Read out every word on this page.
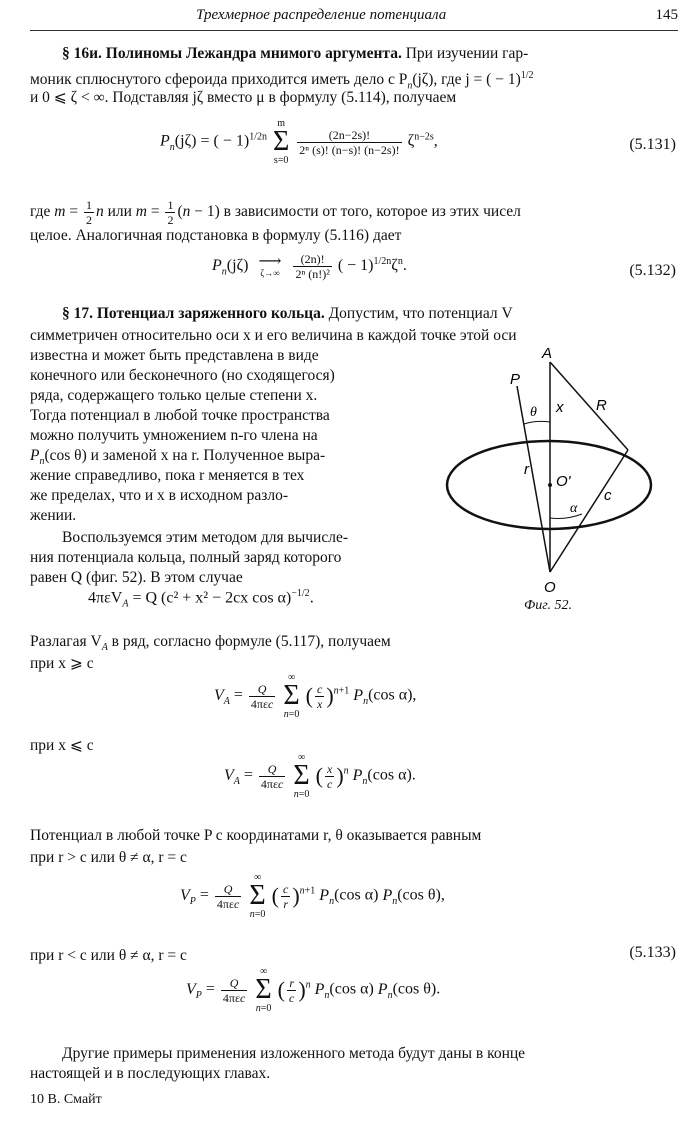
Трехмерное распределение потенциала	145
§ 16и. Полиномы Лежандра мнимого аргумента. При изучении гар-
моник сплюснутого сфероида приходится иметь дело с $P_n(j\zeta)$, где j = ( − 1)$^{1/2}$
и 0 ⩽ ζ < ∞. Подставляя jζ вместо μ в формулу (5.114), получаем
$P_n(j\zeta)$ = ( − 1)$^{1/2n}$
m
Σ
s=0

$\frac{(2n-2s)!}{\text{2ⁿ (s)! (n−s)! (n−2s)!}} \zeta^{n-2s}$,	(5.131)
где $m = \frac{1}{2}$ n или $m = \frac{1}{2} (n - 1)$ в зависимости от того, которое из этих чисел
целое. Аналогичная подстановка в формулу (5.116) дает
$P_n(j\zeta)$ ⟶
ζ→∞
$\frac{(2n)!}{\text{2ⁿ (n!)²}}$ ( − $1)^{1/2n}\zeta^n$.	(5.132)
§ 17. Потенциал заряженного кольца. Допустим, что потенциал V
симметричен относительно оси x и его величина в каждой точке этой оси
известна и может быть представлена в виде
конечного или бесконечного (но сходящегося)
ряда, содержащего только целые степени x.
Тогда потенциал в любой точке пространства
можно получить умножением n-го члена на
$P_n(\cos$ θ) и заменой x на r. Полученное выра-
жение справедливо, пока r меняется в тех
же пределах, что и x в исходном разло-
жении.
Воспользуемся этим методом для вычисле-
ния потенциала кольца, полный заряд которого
равен Q (фиг. 52). В этом случае
A
P
R
x
θ
r
O'
c
α
O
Фиг. 52.
4πεV$_A$ = Q (c² + x² − 2cx cos α)$^{-1/2}$.
Разлагая $V_A$ в ряд, согласно формуле (5.117), получаем
при x ⩾ c
$V_A = \frac{Q}{\text{4πεc}}$

∞
Σ
n=0
( $\frac{c}{x} )^{n+1}$ $P_n(\cos$ α),
при x ⩽ c
$V_A = \frac{Q}{\text{4πεc}}$

∞
Σ
n=0
( $\frac{x}{c} )^n$ $P_n(\cos$ α).
Потенциал в любой точке P с координатами r, θ оказывается равным
при r > c или θ ≠ α, r = c
$V_P = \frac{Q}{\text{4πεc}}$

∞
Σ
n=0
( $\frac{c}{r} )^{n+1}$ $P_n(\cos$ α) $P_n(\cos$ θ),
при r < c или θ ≠ α, r = c	(5.133)
$V_P = \frac{Q}{\text{4πεc}}$

∞
Σ
n=0
( $\frac{r}{c} )^n$ $P_n(\cos$ α) $P_n(\cos$ θ).
Другие примеры применения изложенного метода будут даны в конце
настоящей и в последующих главах.
10 В. Смайт
